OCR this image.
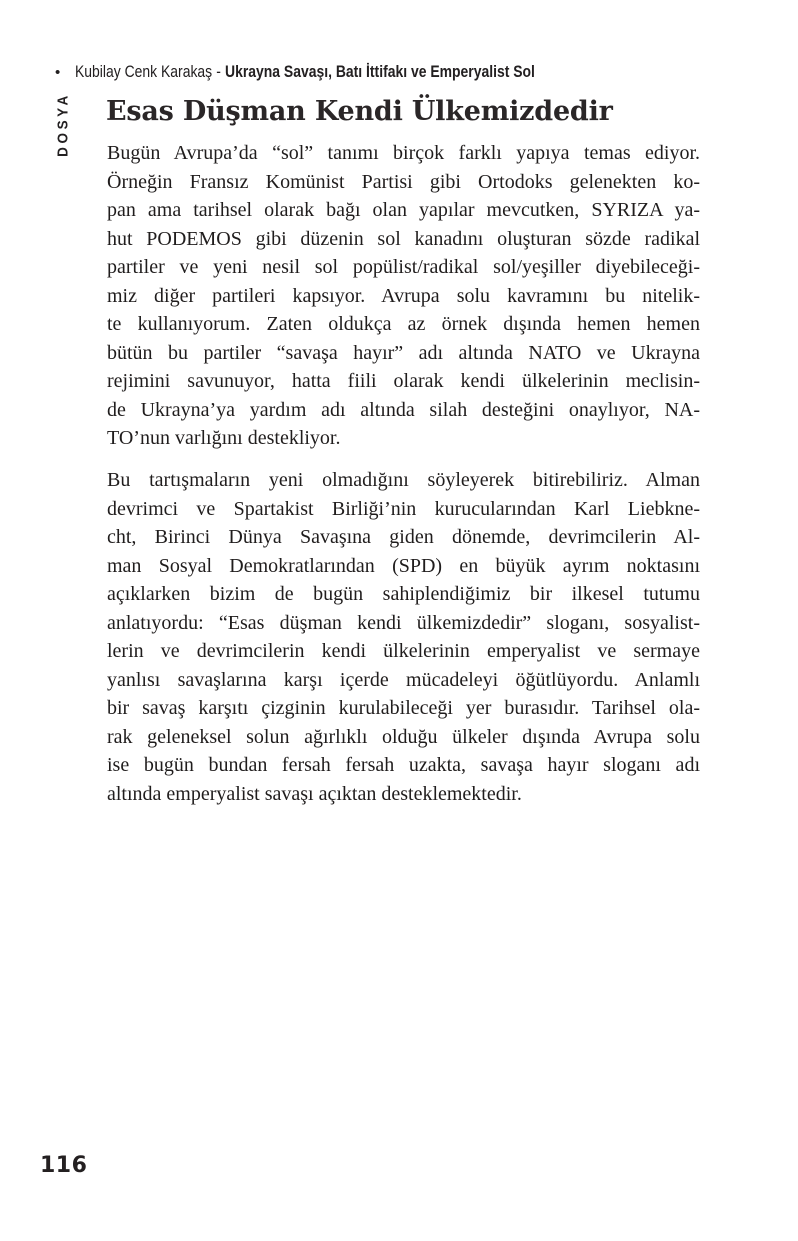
• Kubilay Cenk Karakaş - Ukrayna Savaşı, Batı İttifakı ve Emperyalist Sol
DOSYA Esas Düşman Kendi Ülkemizdedir
Bugün Avrupa’da “sol” tanımı birçok farklı yapıya temas ediyor.
Örneğin Fransız Komünist Partisi gibi Ortodoks gelenekten ko-
pan ama tarihsel olarak bağı olan yapılar mevcutken, SYRIZA ya-
hut PODEMOS gibi düzenin sol kanadını oluşturan sözde radikal
partiler ve yeni nesil sol popülist/radikal sol/yeşiller diyebileceği-
miz diğer partileri kapsıyor. Avrupa solu kavramını bu nitelik-
te kullanıyorum. Zaten oldukça az örnek dışında hemen hemen
bütün bu partiler “savaşa hayır” adı altında NATO ve Ukrayna
rejimini savunuyor, hatta fiili olarak kendi ülkelerinin meclisin-
de Ukrayna’ya yardım adı altında silah desteğini onaylıyor, NA-
TO’nun varlığını destekliyor.
Bu tartışmaların yeni olmadığını söyleyerek bitirebiliriz. Alman
devrimci ve Spartakist Birliği’nin kurucularından Karl Liebkne-
cht, Birinci Dünya Savaşına giden dönemde, devrimcilerin Al-
man Sosyal Demokratlarından (SPD) en büyük ayrım noktasını
açıklarken bizim de bugün sahiplendiğimiz bir ilkesel tutumu
anlatıyordu: “Esas düşman kendi ülkemizdedir” sloganı, sosyalist-
lerin ve devrimcilerin kendi ülkelerinin emperyalist ve sermaye
yanlısı savaşlarına karşı içerde mücadeleyi öğütlüyordu. Anlamlı
bir savaş karşıtı çizginin kurulabileceği yer burasıdır. Tarihsel ola-
rak geleneksel solun ağırlıklı olduğu ülkeler dışında Avrupa solu
ise bugün bundan fersah fersah uzakta, savaşa hayır sloganı adı
altında emperyalist savaşı açıktan desteklemektedir.
116
